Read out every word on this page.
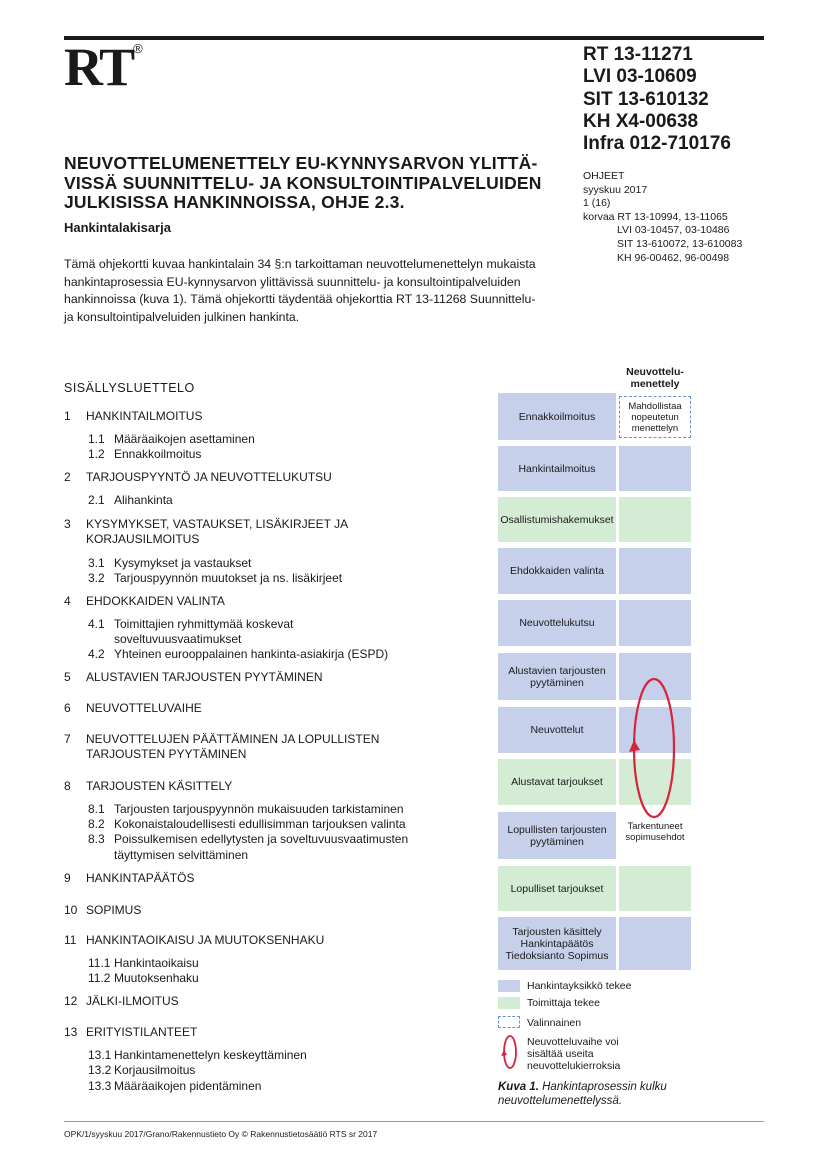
RT®	RT 13-11271
LVI 03-10609
SIT 13-610132
KH X4-00638
Infra 012-710176
OHJEET
syyskuu 2017
1 (16)
korvaa RT 13-10994, 13-11065
LVI 03-10457, 03-10486
SIT 13-610072, 13-610083
KH 96-00462, 96-00498
NEUVOTTELUMENETTELY EU-KYNNYSARVON YLITTÄ-
VISSÄ SUUNNITTELU- JA KONSULTOINTIPALVELUIDEN
JULKISISSA HANKINNOISSA, OHJE 2.3.
Hankintalakisarja
Tämä ohjekortti kuvaa hankintalain 34 §:n tarkoittaman neuvottelumenettelyn mukaista
hankintaprosessia EU-kynnysarvon ylittävissä suunnittelu- ja konsultointipalveluiden
hankinnoissa (kuva 1). Tämä ohjekortti täydentää ohjekorttia RT 13-11268 Suunnittelu-
ja konsultointipalveluiden julkinen hankinta.
SISÄLLYSLUETTELO
1 HANKINTAILMOITUS
1.1 Määräaikojen asettaminen
1.2 Ennakkoilmoitus
2 TARJOUSPYYNTÖ JA NEUVOTTELUKUTSU
2.1 Alihankinta
3 KYSYMYKSET, VASTAUKSET, LISÄKIRJEET JA
KORJAUSILMOITUS
3.1 Kysymykset ja vastaukset
3.2 Tarjouspyynnön muutokset ja ns. lisäkirjeet
4 EHDOKKAIDEN VALINTA
4.1 Toimittajien ryhmittymää koskevat
soveltuvuusvaatimukset
4.2 Yhteinen eurooppalainen hankinta-asiakirja (ESPD)
5 ALUSTAVIEN TARJOUSTEN PYYTÄMINEN
6 NEUVOTTELUVAIHE
7 NEUVOTTELUJEN PÄÄTTÄMINEN JA LOPULLISTEN
TARJOUSTEN PYYTÄMINEN
8 TARJOUSTEN KÄSITTELY
8.1 Tarjousten tarjouspyynnön mukaisuuden tarkistaminen
8.2 Kokonaistaloudellisesti edullisimman tarjouksen valinta
8.3 Poissulkemisen edellytysten ja soveltuvuusvaatimusten
täyttymisen selvittäminen
9 HANKINTAPÄÄTÖS
10 SOPIMUS
11 HANKINTAOIKAISU JA MUUTOKSENHAKU
11.1 Hankintaoikaisu
11.2 Muutoksenhaku
12 JÄLKI-ILMOITUS
13 ERITYISTILANTEET
13.1 Hankintamenettelyn keskeyttäminen
13.2 Korjausilmoitus
13.3 Määräaikojen pidentäminen
Neuvottelu-
menettely
Ennakkoilmoitus
Mahdollistaa nopeutetun menettelyn
Hankintailmoitus
Osallistumishakemukset
Ehdokkaiden valinta
Neuvottelukutsu
Alustavien tarjousten pyytäminen
Neuvottelut
Alustavat tarjoukset
Lopullisten tarjousten pyytäminen
Tarkentuneet sopimusehdot
Lopulliset tarjoukset
Tarjousten käsittely Hankintapäätös Tiedoksianto Sopimus
Hankintayksikkö tekee
Toimittaja tekee
Valinnainen
Neuvotteluvaihe voi sisältää useita neuvottelukierroksia
Kuva 1. Hankintaprosessin kulku neuvottelumenettelyssä.
OPK/1/syyskuu 2017/Grano/Rakennustieto Oy © Rakennustietosäätiö RTS sr 2017
